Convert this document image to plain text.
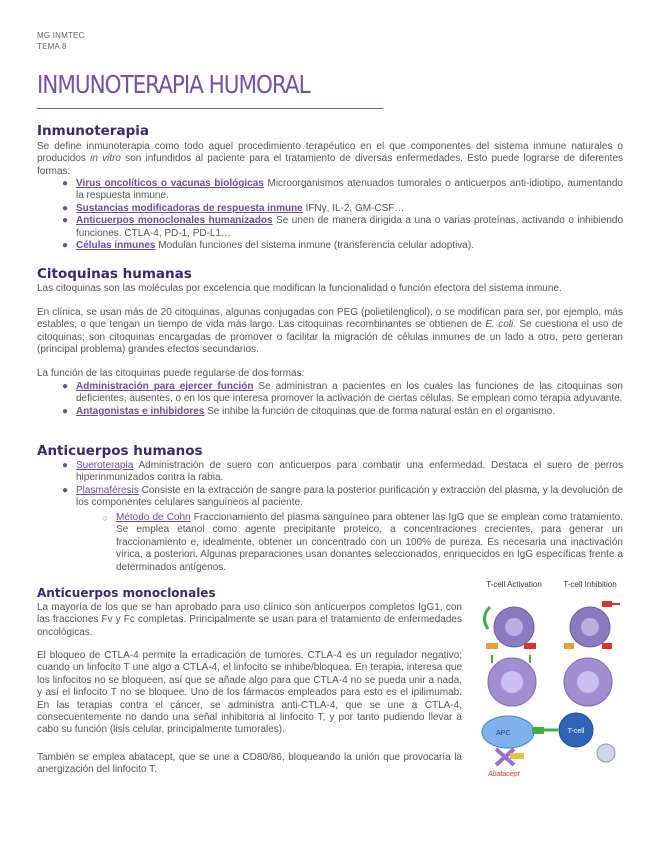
MG INMTEC
TEMA 8
INMUNOTERAPIA HUMORAL
Inmunoterapia

Se define inmunoterapia como todo aquel procedimiento terapéutico en el que componentes del sistema inmune naturales o producidos in vitro son infundidos al paciente para el tratamiento de diversas enfermedades. Esto puede lograrse de diferentes formas:

● Virus oncolíticos o vacunas biológicas Microorganismos atenuados tumorales o anticuerpos anti-idiotipo, aumentando la respuesta inmune.
● Sustancias modificadoras de respuesta inmune IFNγ, IL-2, GM-CSF…
● Anticuerpos monoclonales humanizados Se unen de manera dirigida a una o varias proteínas, activando o inhibiendo funciones. CTLA-4, PD-1, PD-L1…
● Células inmunes Modulan funciones del sistema inmune (transferencia celular adoptiva).
Citoquinas humanas

Las citoquinas son las moléculas por excelencia que modifican la funcionalidad o función efectora del sistema inmune.

En clínica, se usan más de 20 citoquinas, algunas conjugadas con PEG (polietilenglicol), o se modifican para ser, por ejemplo, más estables, o que tengan un tiempo de vida más largo. Las citoquinas recombinantes se obtienen de E. coli. Se cuestiona el uso de citoquinas; son citoquinas encargadas de promover o facilitar la migración de células inmunes de un lado a otro, pero generan (principal problema) grandes efectos secundarios.

La función de las citoquinas puede regularse de dos formas:

● Administración para ejercer función Se administran a pacientes en los cuales las funciones de las citoquinas son deficientes, ausentes, o en los que interesa promover la activación de ciertas células. Se emplean como terapia adyuvante.
● Antagonistas e inhibidores Se inhibe la función de citoquinas que de forma natural están en el organismo.
Anticuerpos humanos
● Sueroterapia Administración de suero con anticuerpos para combatir una enfermedad. Destaca el suero de perros hiperinmunizados contra la rabia.
● Plasmaféresis Consiste en la extracción de sangre para la posterior purificación y extracción del plasma, y la devolución de los componentes celulares sanguíneos al paciente.
○ Método de Cohn Fraccionamiento del plasma sanguíneo para obtener las IgG que se emplean como tratamiento. Se emplea etanol como agente precipitante proteico, a concentraciones crecientes, para generar un fraccionamiento e, idealmente, obtener un concentrado con un 100% de pureza. Es necesaria una inactivación vírica, a posteriori. Algunas preparaciones usan donantes seleccionados, enriquecidos en IgG específicas frente a determinados antígenos.
Anticuerpos monoclonales

La mayoría de los que se han aprobado para uso clínico son anticuerpos completos IgG1, con las fracciones Fv y Fc completas. Principalmente se usan para el tratamiento de enfermedades oncológicas.

El bloqueo de CTLA-4 permite la erradicación de tumores. CTLA-4 es un regulador negativo; cuando un linfocito T une algo a CTLA-4, el linfocito se inhibe/bloquea. En terapia, interesa que los linfocitos no se bloqueen, así que se añade algo para que CTLA-4 no se pueda unir a nada, y así el linfocito T no se bloquee. Uno de los fármacos empleados para esto es el ipilimumab. En las terapias contra el cáncer, se administra anti-CTLA-4, que se une a CTLA-4, consecuentemente no dando una señal inhibitoria al linfocito T, y por tanto pudiendo llevar a cabo su función (lisis celular, principalmente tumorales).

También se emplea abatacept, que se une a CD80/86, bloqueando la unión que provocaría la anergización del linfocito T.

T-cell Activation	T-cell Inhibition
APC	T-cell
Abatacept
